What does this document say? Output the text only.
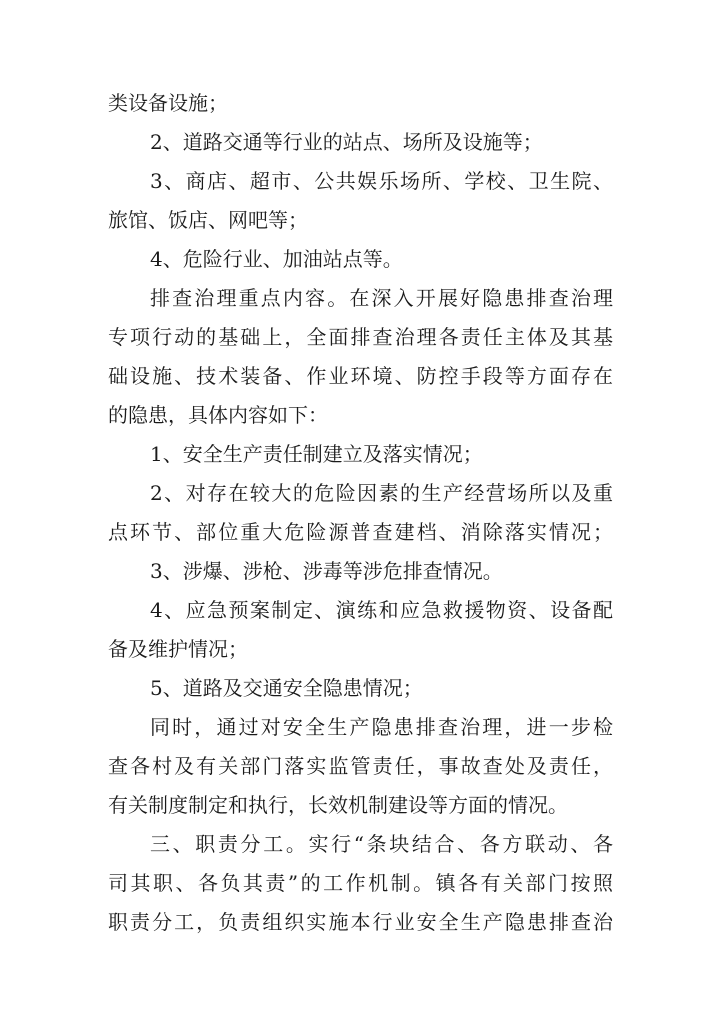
类设备设施；
2、道路交通等行业的站点、场所及设施等；
3、商店、超市、公共娱乐场所、学校、卫生院、
旅馆、饭店、网吧等；
4、危险行业、加油站点等。
排查治理重点内容。在深入开展好隐患排查治理
专项行动的基础上，全面排查治理各责任主体及其基
础设施、技术装备、作业环境、防控手段等方面存在
的隐患，具体内容如下：
1、安全生产责任制建立及落实情况；
2、对存在较大的危险因素的生产经营场所以及重
点环节、部位重大危险源普查建档、消除落实情况；
3、涉爆、涉枪、涉毒等涉危排查情况。
4、应急预案制定、演练和应急救援物资、设备配
备及维护情况；
5、道路及交通安全隐患情况；
同时，通过对安全生产隐患排查治理，进一步检
查各村及有关部门落实监管责任，事故查处及责任，
有关制度制定和执行，长效机制建设等方面的情况。
三、职责分工。实行“条块结合、各方联动、各
司其职、各负其责”的工作机制。镇各有关部门按照
职责分工，负责组织实施本行业安全生产隐患排查治
